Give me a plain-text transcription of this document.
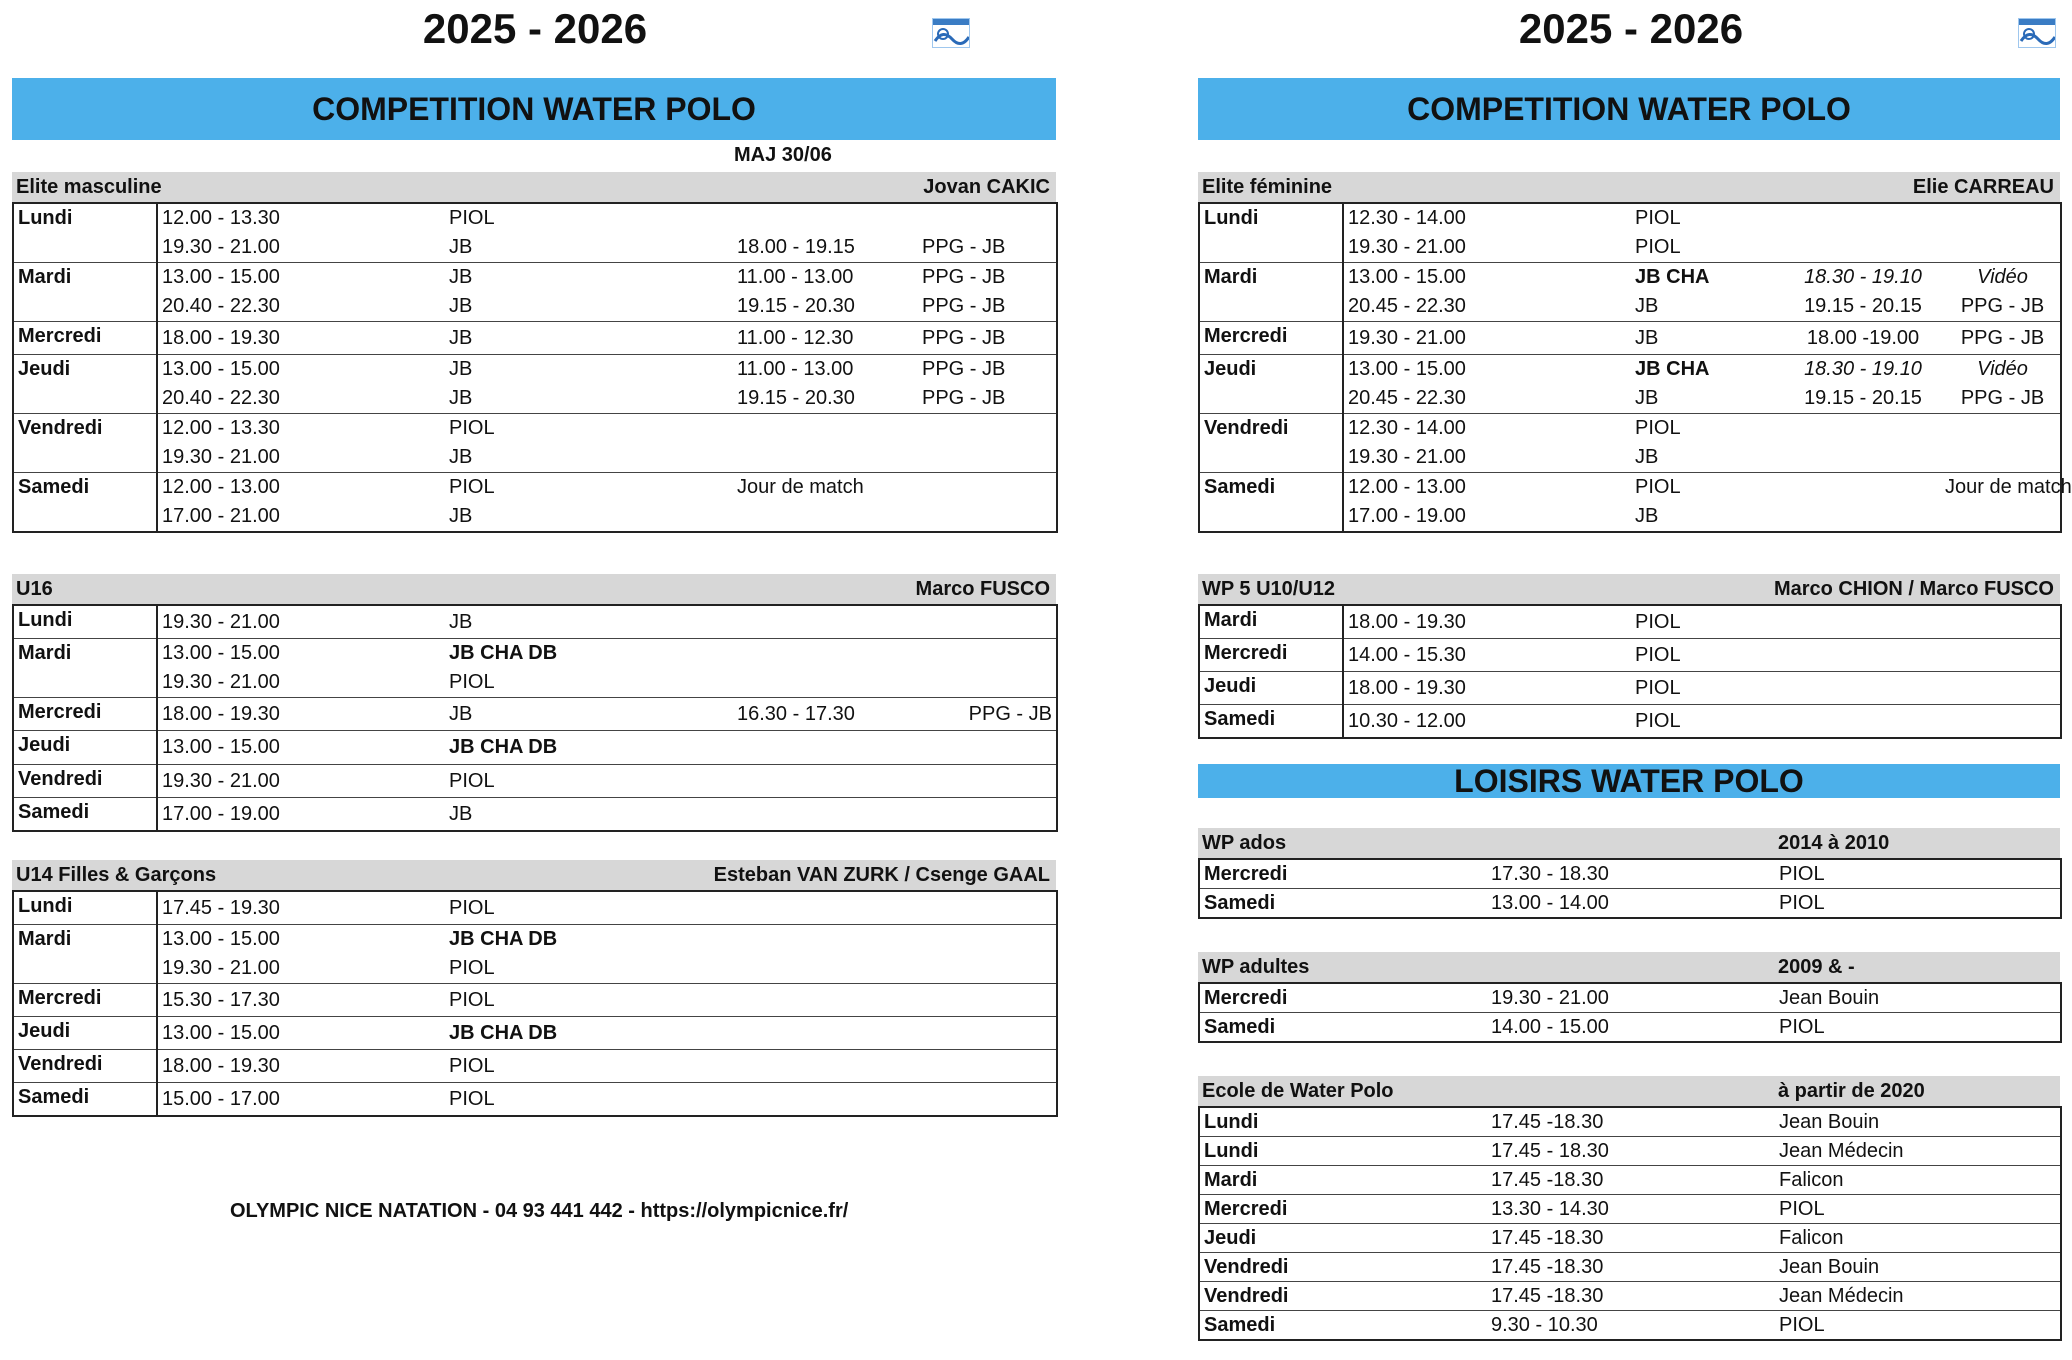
2025 - 2026	2025 - 2026
COMPETITION WATER POLO	COMPETITION WATER POLO
MAJ 30/06
Elite masculine	Jovan CAKIC
Lundi	12.00 - 13.30	PIOL		
	19.30 - 21.00	JB	18.00 - 19.15	PPG - JB
Mardi	13.00 - 15.00	JB	11.00 - 13.00	PPG - JB
	20.40 - 22.30	JB	19.15 - 20.30	PPG - JB
Mercredi	18.00 - 19.30	JB	11.00 - 12.30	PPG - JB
Jeudi	13.00 - 15.00	JB	11.00 - 13.00	PPG - JB
	20.40 - 22.30	JB	19.15 - 20.30	PPG - JB
Vendredi	12.00 - 13.30	PIOL		
	19.30 - 21.00	JB		
Samedi	12.00 - 13.00	PIOL	Jour de match	
	17.00 - 21.00	JB		
U16	Marco FUSCO
Lundi	19.30 - 21.00	JB		
Mardi	13.00 - 15.00	JB CHA DB		
	19.30 - 21.00	PIOL		
Mercredi	18.00 - 19.30	JB	16.30 - 17.30	PPG - JB
Jeudi	13.00 - 15.00	JB CHA DB		
Vendredi	19.30 - 21.00	PIOL		
Samedi	17.00 - 19.00	JB		
U14 Filles & Garçons	Esteban VAN ZURK / Csenge GAAL
Lundi	17.45 - 19.30	PIOL
Mardi	13.00 - 15.00	JB CHA DB
	19.30 - 21.00	PIOL
Mercredi	15.30 - 17.30	PIOL
Jeudi	13.00 - 15.00	JB CHA DB
Vendredi	18.00 - 19.30	PIOL
Samedi	15.00 - 17.00	PIOL
OLYMPIC NICE NATATION - 04 93 441 442 - https://olympicnice.fr/
Elite féminine	Elie CARREAU
Lundi	12.30 - 14.00	PIOL		
	19.30 - 21.00	PIOL		
Mardi	13.00 - 15.00	JB CHA	18.30 - 19.10	Vidéo
	20.45 - 22.30	JB	19.15 - 20.15	PPG - JB
Mercredi	19.30 - 21.00	JB	18.00 -19.00	PPG - JB
Jeudi	13.00 - 15.00	JB CHA	18.30 - 19.10	Vidéo
	20.45 - 22.30	JB	19.15 - 20.15	PPG - JB
Vendredi	12.30 - 14.00	PIOL		
	19.30 - 21.00	JB		
Samedi	12.00 - 13.00	PIOL		Jour de match
	17.00 - 19.00	JB		
WP 5 U10/U12	Marco CHION / Marco FUSCO
Mardi	18.00 - 19.30	PIOL
Mercredi	14.00 - 15.30	PIOL
Jeudi	18.00 - 19.30	PIOL
Samedi	10.30 - 12.00	PIOL
LOISIRS WATER POLO
WP ados	2014 à 2010
Mercredi	17.30 - 18.30	PIOL
Samedi	13.00 - 14.00	PIOL
WP adultes	2009 & -
Mercredi	19.30 - 21.00	Jean Bouin
Samedi	14.00 - 15.00	PIOL
Ecole de Water Polo	à partir de 2020
Lundi	17.45 -18.30	Jean Bouin
Lundi	17.45 - 18.30	Jean Médecin
Mardi	17.45 -18.30	Falicon
Mercredi	13.30 - 14.30	PIOL
Jeudi	17.45 -18.30	Falicon
Vendredi	17.45 -18.30	Jean Bouin
Vendredi	17.45 -18.30	Jean Médecin
Samedi	9.30 - 10.30	PIOL
